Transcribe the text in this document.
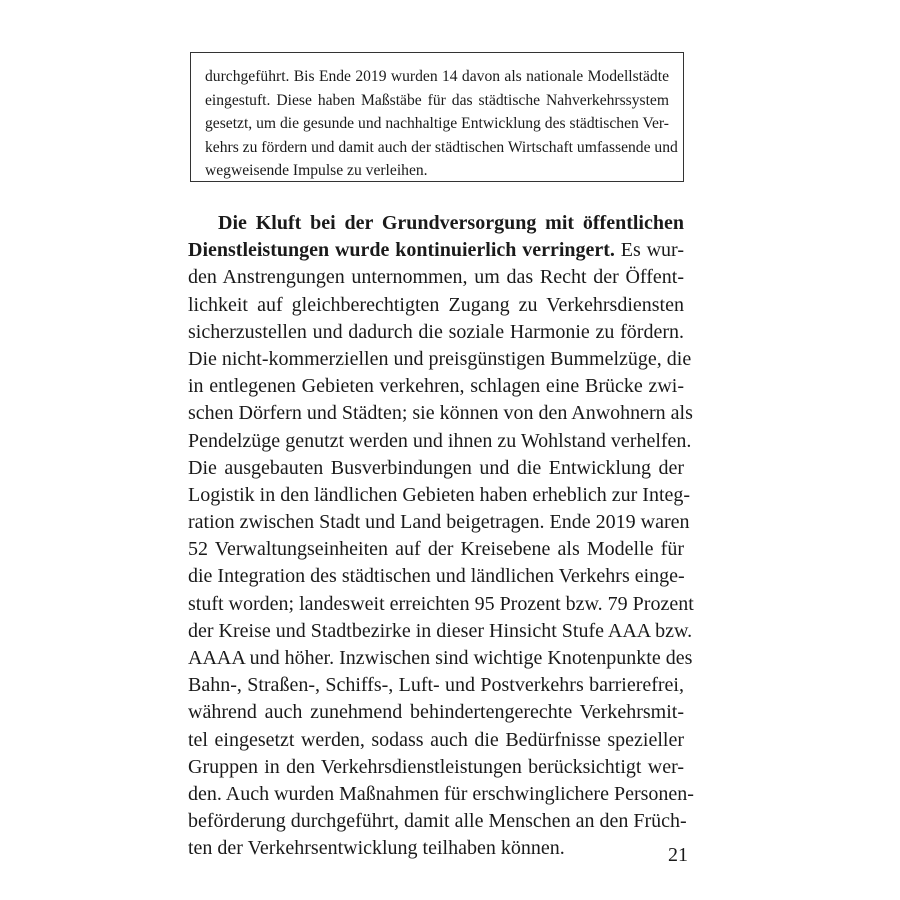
durchgeführt. Bis Ende 2019 wurden 14 davon als nationale Modellstädte
eingestuft. Diese haben Maßstäbe für das städtische Nahverkehrssystem
gesetzt, um die gesunde und nachhaltige Entwicklung des städtischen Ver-
kehrs zu fördern und damit auch der städtischen Wirtschaft umfassende und
wegweisende Impulse zu verleihen.
Die Kluft bei der Grundversorgung mit öffentlichen
Dienstleistungen wurde kontinuierlich verringert. Es wur-
den Anstrengungen unternommen, um das Recht der Öffent-
lichkeit auf gleichberechtigten Zugang zu Verkehrsdiensten
sicherzustellen und dadurch die soziale Harmonie zu fördern.
Die nicht-kommerziellen und preisgünstigen Bummelzüge, die
in entlegenen Gebieten verkehren, schlagen eine Brücke zwi-
schen Dörfern und Städten; sie können von den Anwohnern als
Pendelzüge genutzt werden und ihnen zu Wohlstand verhelfen.
Die ausgebauten Busverbindungen und die Entwicklung der
Logistik in den ländlichen Gebieten haben erheblich zur Integ-
ration zwischen Stadt und Land beigetragen. Ende 2019 waren
52 Verwaltungseinheiten auf der Kreisebene als Modelle für
die Integration des städtischen und ländlichen Verkehrs einge-
stuft worden; landesweit erreichten 95 Prozent bzw. 79 Prozent
der Kreise und Stadtbezirke in dieser Hinsicht Stufe AAA bzw.
AAAA und höher. Inzwischen sind wichtige Knotenpunkte des
Bahn-, Straßen-, Schiffs-, Luft- und Postverkehrs barrierefrei,
während auch zunehmend behindertengerechte Verkehrsmit-
tel eingesetzt werden, sodass auch die Bedürfnisse spezieller
Gruppen in den Verkehrsdienstleistungen berücksichtigt wer-
den. Auch wurden Maßnahmen für erschwinglichere Personen-
beförderung durchgeführt, damit alle Menschen an den Früch-
ten der Verkehrsentwicklung teilhaben können.	21
